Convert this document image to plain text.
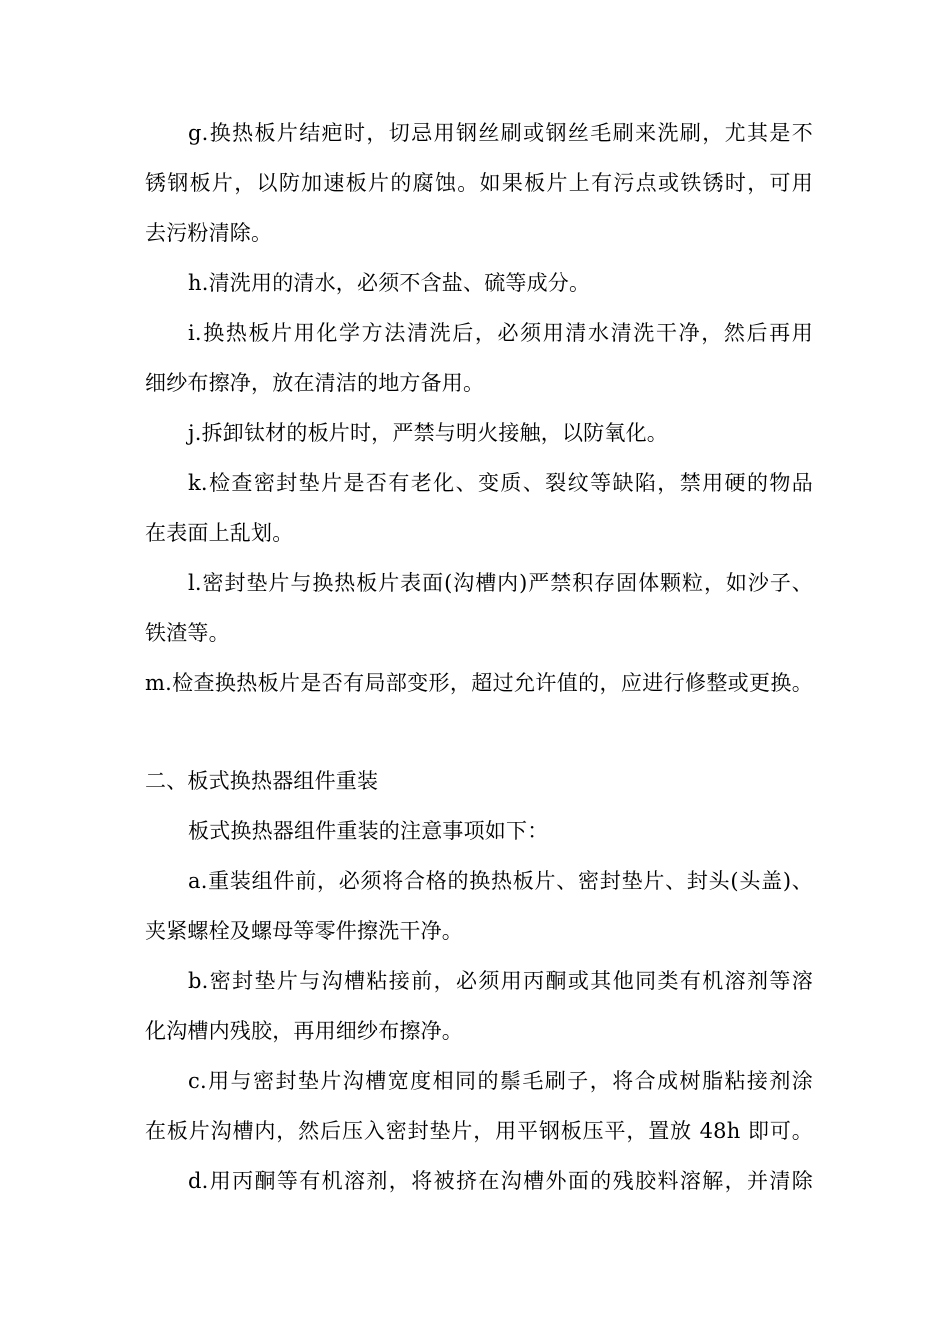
g.换热板片结疤时，切忌用钢丝刷或钢丝毛刷来洗刷，尤其是不
锈钢板片，以防加速板片的腐蚀。如果板片上有污点或铁锈时，可用
去污粉清除。
h.清洗用的清水，必须不含盐、硫等成分。
i.换热板片用化学方法清洗后，必须用清水清洗干净，然后再用
细纱布擦净，放在清洁的地方备用。
j.拆卸钛材的板片时，严禁与明火接触，以防氧化。
k.检查密封垫片是否有老化、变质、裂纹等缺陷，禁用硬的物品
在表面上乱划。
l.密封垫片与换热板片表面(沟槽内)严禁积存固体颗粒，如沙子、
铁渣等。
m.检查换热板片是否有局部变形，超过允许值的，应进行修整或更换。
二、板式换热器组件重装
板式换热器组件重装的注意事项如下：
a.重装组件前，必须将合格的换热板片、密封垫片、封头(头盖)、
夹紧螺栓及螺母等零件擦洗干净。
b.密封垫片与沟槽粘接前，必须用丙酮或其他同类有机溶剂等溶
化沟槽内残胶，再用细纱布擦净。
c.用与密封垫片沟槽宽度相同的鬃毛刷子，将合成树脂粘接剂涂
在板片沟槽内，然后压入密封垫片，用平钢板压平，置放 48h 即可。
d.用丙酮等有机溶剂，将被挤在沟槽外面的残胶料溶解，并清除
